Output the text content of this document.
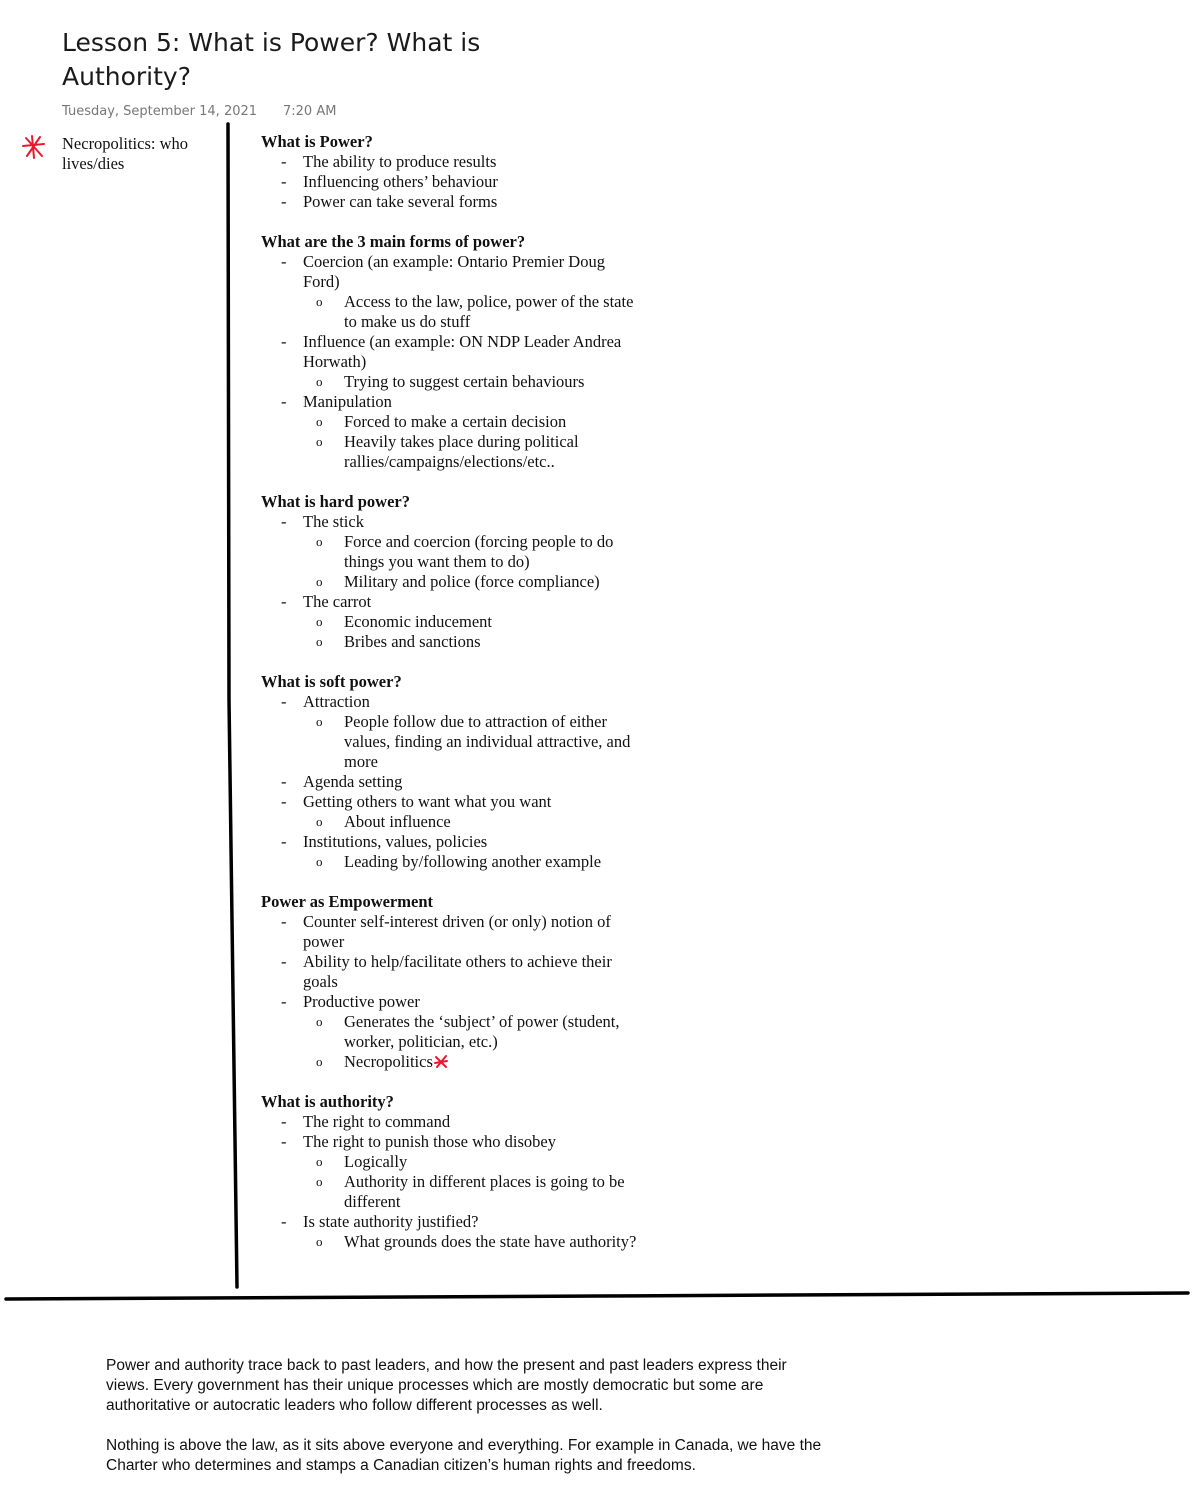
Lesson 5: What is Power? What is Authority?
Tuesday, September 14, 2021 7:20 AM
Necropolitics: who lives/dies
What is Power?
- The ability to produce results
- Influencing others’ behaviour
- Power can take several forms
What are the 3 main forms of power?
- Coercion (an example: Ontario Premier Doug Ford)
o Access to the law, police, power of the state to make us do stuff
- Influence (an example: ON NDP Leader Andrea Horwath)
o Trying to suggest certain behaviours
- Manipulation
o Forced to make a certain decision
o Heavily takes place during political rallies/campaigns/elections/etc..
What is hard power?
- The stick
o Force and coercion (forcing people to do things you want them to do)
o Military and police (force compliance)
- The carrot
o Economic inducement
o Bribes and sanctions
What is soft power?
- Attraction
o People follow due to attraction of either values, finding an individual attractive, and more
- Agenda setting
- Getting others to want what you want
o About influence
- Institutions, values, policies
o Leading by/following another example
Power as Empowerment
- Counter self-interest driven (or only) notion of power
- Ability to help/facilitate others to achieve their goals
- Productive power
o Generates the ‘subject’ of power (student, worker, politician, etc.)
o Necropolitics
What is authority?
- The right to command
- The right to punish those who disobey
o Logically
o Authority in different places is going to be different
- Is state authority justified?
o What grounds does the state have authority?

Power and authority trace back to past leaders, and how the present and past leaders express their views. Every government has their unique processes which are mostly democratic but some are authoritative or autocratic leaders who follow different processes as well.

Nothing is above the law, as it sits above everyone and everything. For example in Canada, we have the Charter who determines and stamps a Canadian citizen’s human rights and freedoms.
